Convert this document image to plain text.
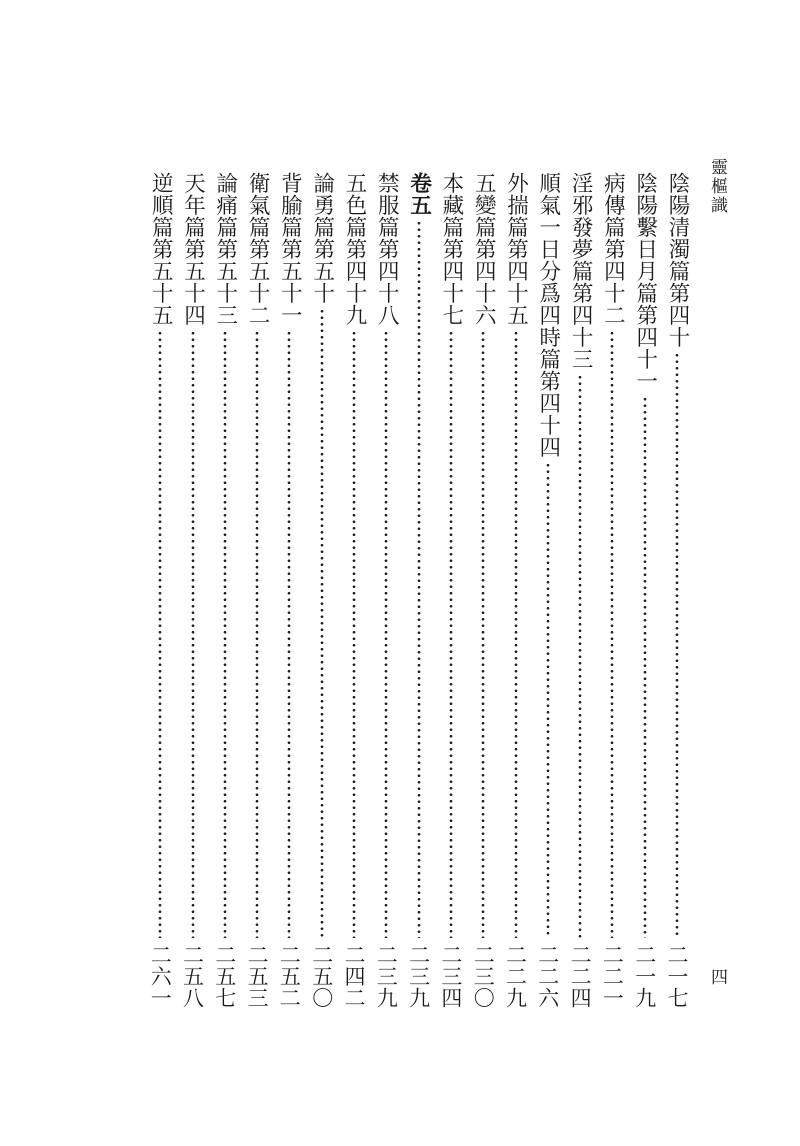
靈樞識
四
陰陽清濁篇第四十
二一七
陰陽繫日月篇第四十一
二一九
病傳篇第四十二
二二一
淫邪發夢篇第四十三
二二四
順氣一日分爲四時篇第四十四
二二六
外揣篇第四十五
二二九
五變篇第四十六
二三〇
本藏篇第四十七
二三四
卷五
二三九
禁服篇第四十八
二三九
五色篇第四十九
二四二
論勇篇第五十
二五〇
背腧篇第五十一
二五二
衛氣篇第五十二
二五三
論痛篇第五十三
二五七
天年篇第五十四
二五八
逆順篇第五十五
二六一
